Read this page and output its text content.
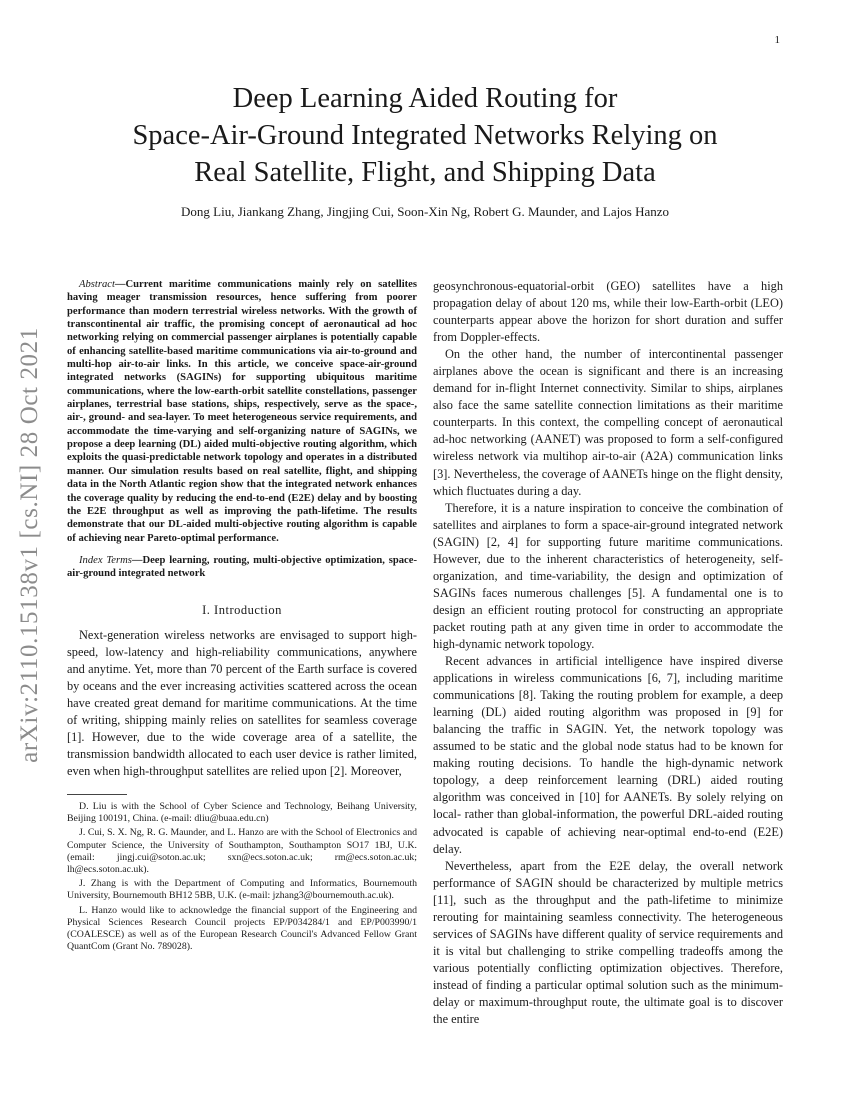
1
arXiv:2110.15138v1 [cs.NI] 28 Oct 2021
Deep Learning Aided Routing for
Space-Air-Ground Integrated Networks Relying on
Real Satellite, Flight, and Shipping Data
Dong Liu, Jiankang Zhang, Jingjing Cui, Soon-Xin Ng, Robert G. Maunder, and Lajos Hanzo

Abstract—Current maritime communications mainly rely on satellites having meager transmission resources, hence suffering from poorer performance than modern terrestrial wireless networks. With the growth of transcontinental air traffic, the promising concept of aeronautical ad hoc networking relying on commercial passenger airplanes is potentially capable of enhancing satellite-based maritime communications via air-to-ground and multi-hop air-to-air links. In this article, we conceive space-air-ground integrated networks (SAGINs) for supporting ubiquitous maritime communications, where the low-earth-orbit satellite constellations, passenger airplanes, terrestrial base stations, ships, respectively, serve as the space-, air-, ground- and sea-layer. To meet heterogeneous service requirements, and accommodate the time-varying and self-organizing nature of SAGINs, we propose a deep learning (DL) aided multi-objective routing algorithm, which exploits the quasi-predictable network topology and operates in a distributed manner. Our simulation results based on real satellite, flight, and shipping data in the North Atlantic region show that the integrated network enhances the coverage quality by reducing the end-to-end (E2E) delay and by boosting the E2E throughput as well as improving the path-lifetime. The results demonstrate that our DL-aided multi-objective routing algorithm is capable of achieving near Pareto-optimal performance.

Index Terms—Deep learning, routing, multi-objective optimization, space-air-ground integrated network

I. Introduction

Next-generation wireless networks are envisaged to support high-speed, low-latency and high-reliability communications, anywhere and anytime. Yet, more than 70 percent of the Earth surface is covered by oceans and the ever increasing activities scattered across the ocean have created great demand for maritime communications. At the time of writing, shipping mainly relies on satellites for seamless coverage [1]. However, due to the wide coverage area of a satellite, the transmission bandwidth allocated to each user device is rather limited, even when high-throughput satellites are relied upon [2]. Moreover,

D. Liu is with the School of Cyber Science and Technology, Beihang University, Beijing 100191, China. (e-mail: dliu@buaa.edu.cn)

J. Cui, S. X. Ng, R. G. Maunder, and L. Hanzo are with the School of Electronics and Computer Science, the University of Southampton, Southampton SO17 1BJ, U.K. (email: jingj.cui@soton.ac.uk; sxn@ecs.soton.ac.uk; rm@ecs.soton.ac.uk; lh@ecs.soton.ac.uk).

J. Zhang is with the Department of Computing and Informatics, Bournemouth University, Bournemouth BH12 5BB, U.K. (e-mail: jzhang3@bournemouth.ac.uk).

L. Hanzo would like to acknowledge the financial support of the Engineering and Physical Sciences Research Council projects EP/P034284/1 and EP/P003990/1 (COALESCE) as well as of the European Research Council's Advanced Fellow Grant QuantCom (Grant No. 789028).

geosynchronous-equatorial-orbit (GEO) satellites have a high propagation delay of about 120 ms, while their low-Earth-orbit (LEO) counterparts appear above the horizon for short duration and suffer from Doppler-effects.

On the other hand, the number of intercontinental passenger airplanes above the ocean is significant and there is an increasing demand for in-flight Internet connectivity. Similar to ships, airplanes also face the same satellite connection limitations as their maritime counterparts. In this context, the compelling concept of aeronautical ad-hoc networking (AANET) was proposed to form a self-configured wireless network via multihop air-to-air (A2A) communication links [3]. Nevertheless, the coverage of AANETs hinge on the flight density, which fluctuates during a day.

Therefore, it is a nature inspiration to conceive the combination of satellites and airplanes to form a space-air-ground integrated network (SAGIN) [2, 4] for supporting future maritime communications. However, due to the inherent characteristics of heterogeneity, self-organization, and time-variability, the design and optimization of SAGINs faces numerous challenges [5]. A fundamental one is to design an efficient routing protocol for constructing an appropriate packet routing path at any given time in order to accommodate the high-dynamic network topology.

Recent advances in artificial intelligence have inspired diverse applications in wireless communications [6, 7], including maritime communications [8]. Taking the routing problem for example, a deep learning (DL) aided routing algorithm was proposed in [9] for balancing the traffic in SAGIN. Yet, the network topology was assumed to be static and the global node status had to be known for making routing decisions. To handle the high-dynamic network topology, a deep reinforcement learning (DRL) aided routing algorithm was conceived in [10] for AANETs. By solely relying on local- rather than global-information, the powerful DRL-aided routing advocated is capable of achieving near-optimal end-to-end (E2E) delay.

Nevertheless, apart from the E2E delay, the overall network performance of SAGIN should be characterized by multiple metrics [11], such as the throughput and the path-lifetime to minimize rerouting for maintaining seamless connectivity. The heterogeneous services of SAGINs have different quality of service requirements and it is vital but challenging to strike compelling tradeoffs among the various potentially conflicting optimization objectives. Therefore, instead of finding a particular optimal solution such as the minimum-delay or maximum-throughput route, the ultimate goal is to discover the entire
